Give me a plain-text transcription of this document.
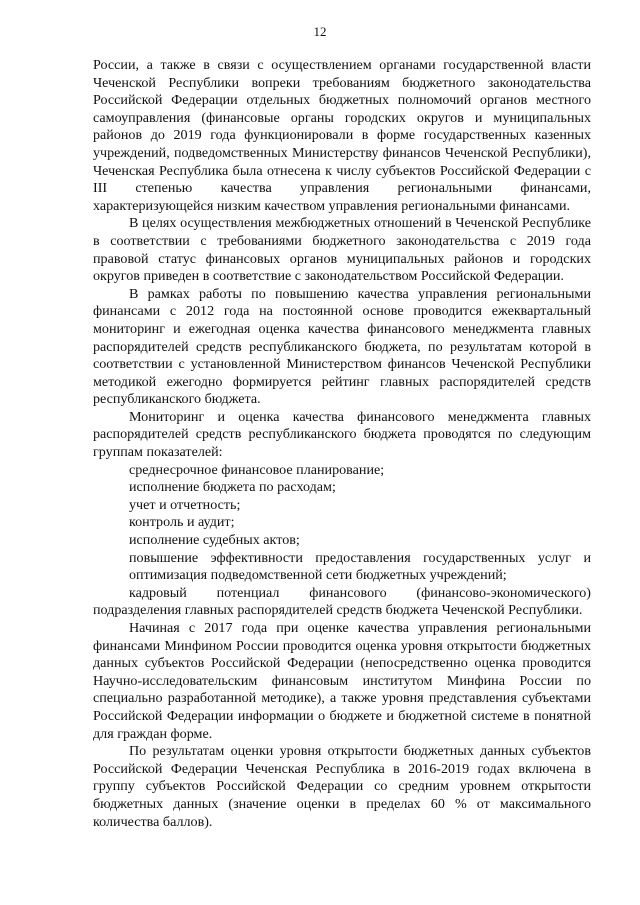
12

России, а также в связи с осуществлением органами государственной власти Чеченской Республики вопреки требованиям бюджетного законодательства Российской Федерации отдельных бюджетных полномочий органов местного самоуправления (финансовые органы городских округов и муниципальных районов до 2019 года функционировали в форме государственных казенных учреждений, подведомственных Министерству финансов Чеченской Республики), Чеченская Республика была отнесена к числу субъектов Российской Федерации с III степенью качества управления региональными финансами, характеризующейся низким качеством управления региональными финансами.

В целях осуществления межбюджетных отношений в Чеченской Республике в соответствии с требованиями бюджетного законодательства с 2019 года правовой статус финансовых органов муниципальных районов и городских округов приведен в соответствие с законодательством Российской Федерации.

В рамках работы по повышению качества управления региональными финансами с 2012 года на постоянной основе проводится ежеквартальный мониторинг и ежегодная оценка качества финансового менеджмента главных распорядителей средств республиканского бюджета, по результатам которой в соответствии с установленной Министерством финансов Чеченской Республики методикой ежегодно формируется рейтинг главных распорядителей средств республиканского бюджета.

Мониторинг и оценка качества финансового менеджмента главных распорядителей средств республиканского бюджета проводятся по следующим группам показателей:

среднесрочное финансовое планирование;

исполнение бюджета по расходам;

учет и отчетность;

контроль и аудит;

исполнение судебных актов;

повышение эффективности предоставления государственных услуг и оптимизация подведомственной сети бюджетных учреждений;

кадровый потенциал финансового (финансово-экономического) подразделения главных распорядителей средств бюджета Чеченской Республики.

Начиная с 2017 года при оценке качества управления региональными финансами Минфином России проводится оценка уровня открытости бюджетных данных субъектов Российской Федерации (непосредственно оценка проводится Научно-исследовательским финансовым институтом Минфина России по специально разработанной методике), а также уровня представления субъектами Российской Федерации информации о бюджете и бюджетной системе в понятной для граждан форме.

По результатам оценки уровня открытости бюджетных данных субъектов Российской Федерации Чеченская Республика в 2016-2019 годах включена в группу субъектов Российской Федерации со средним уровнем открытости бюджетных данных (значение оценки в пределах 60 % от максимального количества баллов).
